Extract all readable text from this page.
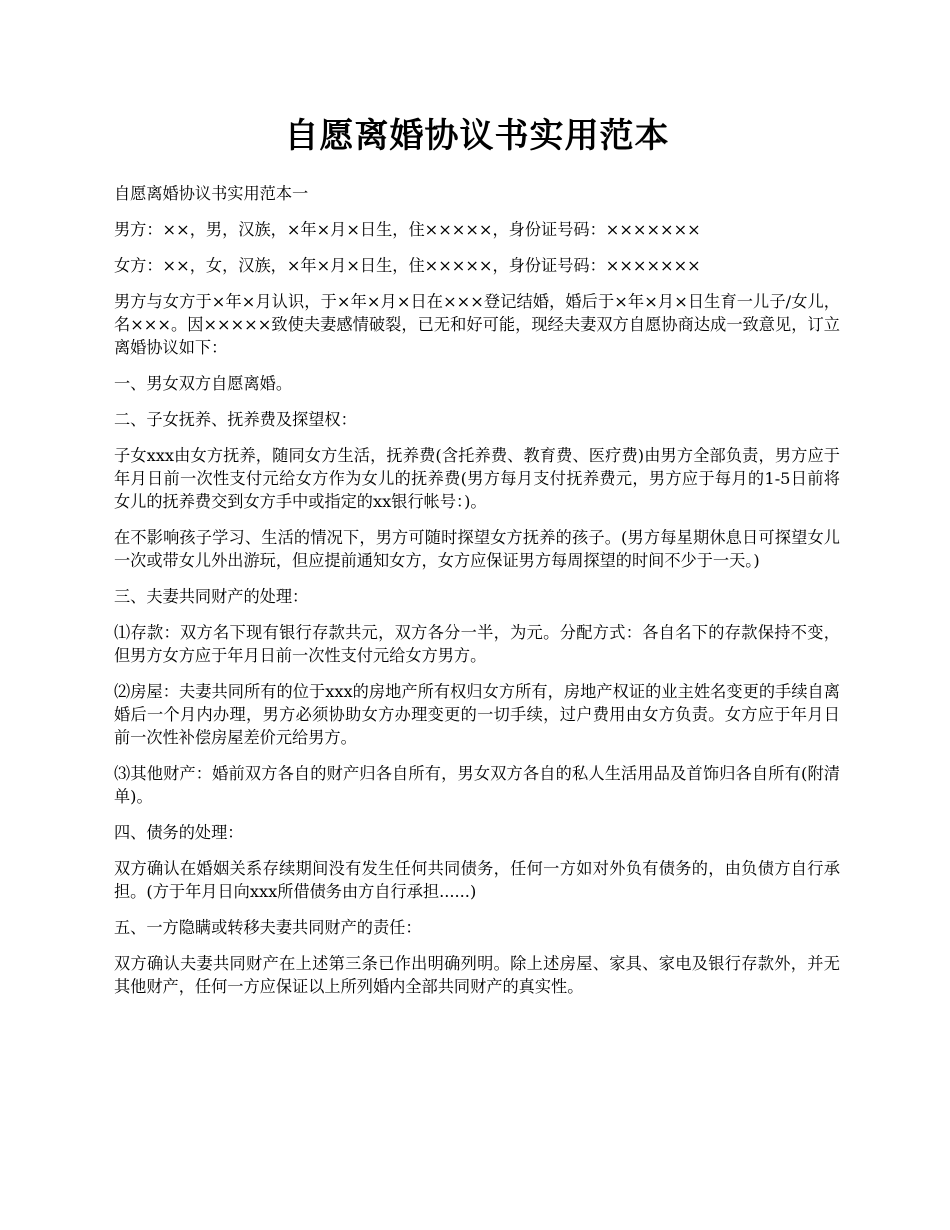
自愿离婚协议书实用范本

自愿离婚协议书实用范本一

男方：××，男，汉族，×年×月×日生，住×××××，身份证号码：×××××××

女方：××，女，汉族，×年×月×日生，住×××××，身份证号码：×××××××

男方与女方于×年×月认识，于×年×月×日在×××登记结婚，婚后于×年×月×日生育一儿子/女儿，名×××。因×××××致使夫妻感情破裂，已无和好可能，现经夫妻双方自愿协商达成一致意见，订立离婚协议如下：

一、男女双方自愿离婚。

二、子女抚养、抚养费及探望权：

子女xxx由女方抚养，随同女方生活，抚养费(含托养费、教育费、医疗费)由男方全部负责，男方应于年月日前一次性支付元给女方作为女儿的抚养费(男方每月支付抚养费元，男方应于每月的1-5日前将女儿的抚养费交到女方手中或指定的xx银行帐号：)。

在不影响孩子学习、生活的情况下，男方可随时探望女方抚养的孩子。(男方每星期休息日可探望女儿一次或带女儿外出游玩，但应提前通知女方，女方应保证男方每周探望的时间不少于一天。)

三、夫妻共同财产的处理：

⑴存款：双方名下现有银行存款共元，双方各分一半，为元。分配方式：各自名下的存款保持不变，但男方女方应于年月日前一次性支付元给女方男方。

⑵房屋：夫妻共同所有的位于xxx的房地产所有权归女方所有，房地产权证的业主姓名变更的手续自离婚后一个月内办理，男方必须协助女方办理变更的一切手续，过户费用由女方负责。女方应于年月日前一次性补偿房屋差价元给男方。

⑶其他财产：婚前双方各自的财产归各自所有，男女双方各自的私人生活用品及首饰归各自所有(附清单)。

四、债务的处理：

双方确认在婚姻关系存续期间没有发生任何共同债务，任何一方如对外负有债务的，由负债方自行承担。(方于年月日向xxx所借债务由方自行承担......)

五、一方隐瞒或转移夫妻共同财产的责任：

双方确认夫妻共同财产在上述第三条已作出明确列明。除上述房屋、家具、家电及银行存款外，并无其他财产，任何一方应保证以上所列婚内全部共同财产的真实性。
